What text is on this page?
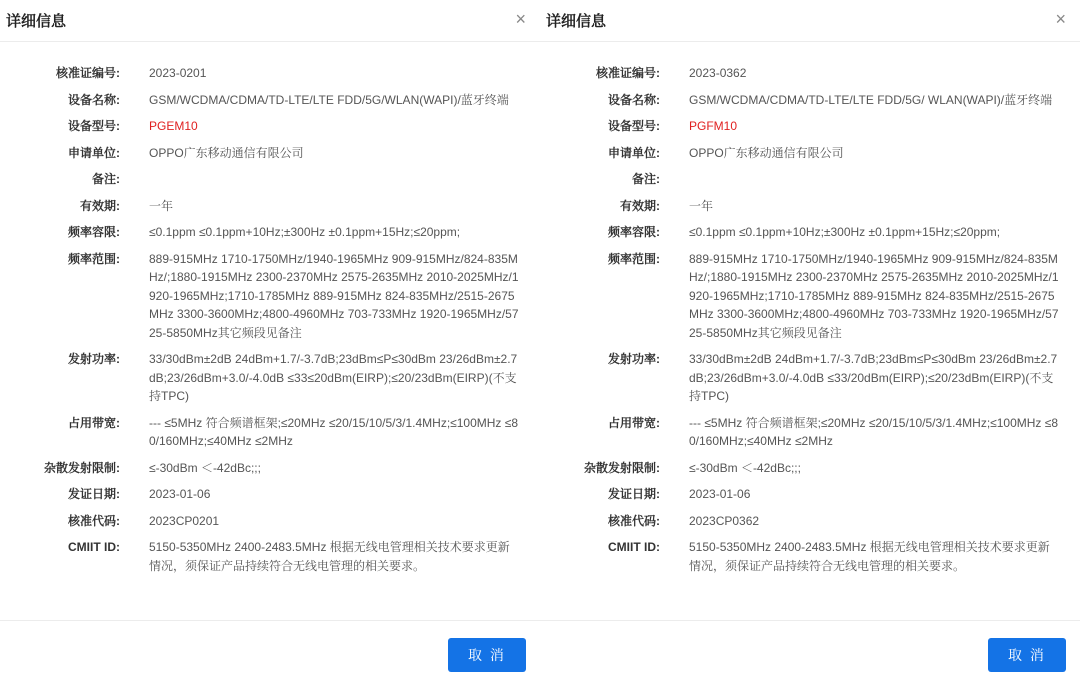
详细信息	×
核准证编号: 2023-0201
设备名称: GSM/WCDMA/CDMA/TD-LTE/LTE FDD/5G/WLAN(WAPI)/蓝牙终端
设备型号: PGEM10
申请单位: OPPO广东移动通信有限公司
备注:
有效期: 一年
频率容限: ≤0.1ppm ≤0.1ppm+10Hz;±300Hz ±0.1ppm+15Hz;≤20ppm;
频率范围: 889-915MHz 1710-1750MHz/1940-1965MHz 909-915MHz/824-835MHz/;1880-1915MHz 2300-2370MHz 2575-2635MHz 2010-2025MHz/1920-1965MHz;1710-1785MHz 889-915MHz 824-835MHz/2515-2675MHz 3300-3600MHz;4800-4960MHz 703-733MHz 1920-1965MHz/5725-5850MHz其它频段见备注
发射功率: 33/30dBm±2dB 24dBm+1.7/-3.7dB;23dBm≤P≤30dBm 23/26dBm±2.7dB;23/26dBm+3.0/-4.0dB ≤33≤20dBm(EIRP);≤20/23dBm(EIRP)(不支持TPC)
占用带宽: --- ≤5MHz 符合频谱框架;≤20MHz ≤20/15/10/5/3/1.4MHz;≤100MHz ≤80/160MHz;≤40MHz ≤2MHz
杂散发射限制: ≤-30dBm ＜-42dBc;;;
发证日期: 2023-01-06
核准代码: 2023CP0201
CMIIT ID: 5150-5350MHz 2400-2483.5MHz 根据无线电管理相关技术要求更新情况，须保证产品持续符合无线电管理的相关要求。
取 消
详细信息	×
核准证编号: 2023-0362
设备名称: GSM/WCDMA/CDMA/TD-LTE/LTE FDD/5G/ WLAN(WAPI)/蓝牙终端
设备型号: PGFM10
申请单位: OPPO广东移动通信有限公司
备注:
有效期: 一年
频率容限: ≤0.1ppm ≤0.1ppm+10Hz;±300Hz ±0.1ppm+15Hz;≤20ppm;
频率范围: 889-915MHz 1710-1750MHz/1940-1965MHz 909-915MHz/824-835MHz/;1880-1915MHz 2300-2370MHz 2575-2635MHz 2010-2025MHz/1920-1965MHz;1710-1785MHz 889-915MHz 824-835MHz/2515-2675MHz 3300-3600MHz;4800-4960MHz 703-733MHz 1920-1965MHz/5725-5850MHz其它频段见备注
发射功率: 33/30dBm±2dB 24dBm+1.7/-3.7dB;23dBm≤P≤30dBm 23/26dBm±2.7dB;23/26dBm+3.0/-4.0dB ≤33/20dBm(EIRP);≤20/23dBm(EIRP)(不支持TPC)
占用带宽: --- ≤5MHz 符合频谱框架;≤20MHz ≤20/15/10/5/3/1.4MHz;≤100MHz ≤80/160MHz;≤40MHz ≤2MHz
杂散发射限制: ≤-30dBm ＜-42dBc;;;
发证日期: 2023-01-06
核准代码: 2023CP0362
CMIIT ID: 5150-5350MHz 2400-2483.5MHz 根据无线电管理相关技术要求更新情况，须保证产品持续符合无线电管理的相关要求。
取 消
